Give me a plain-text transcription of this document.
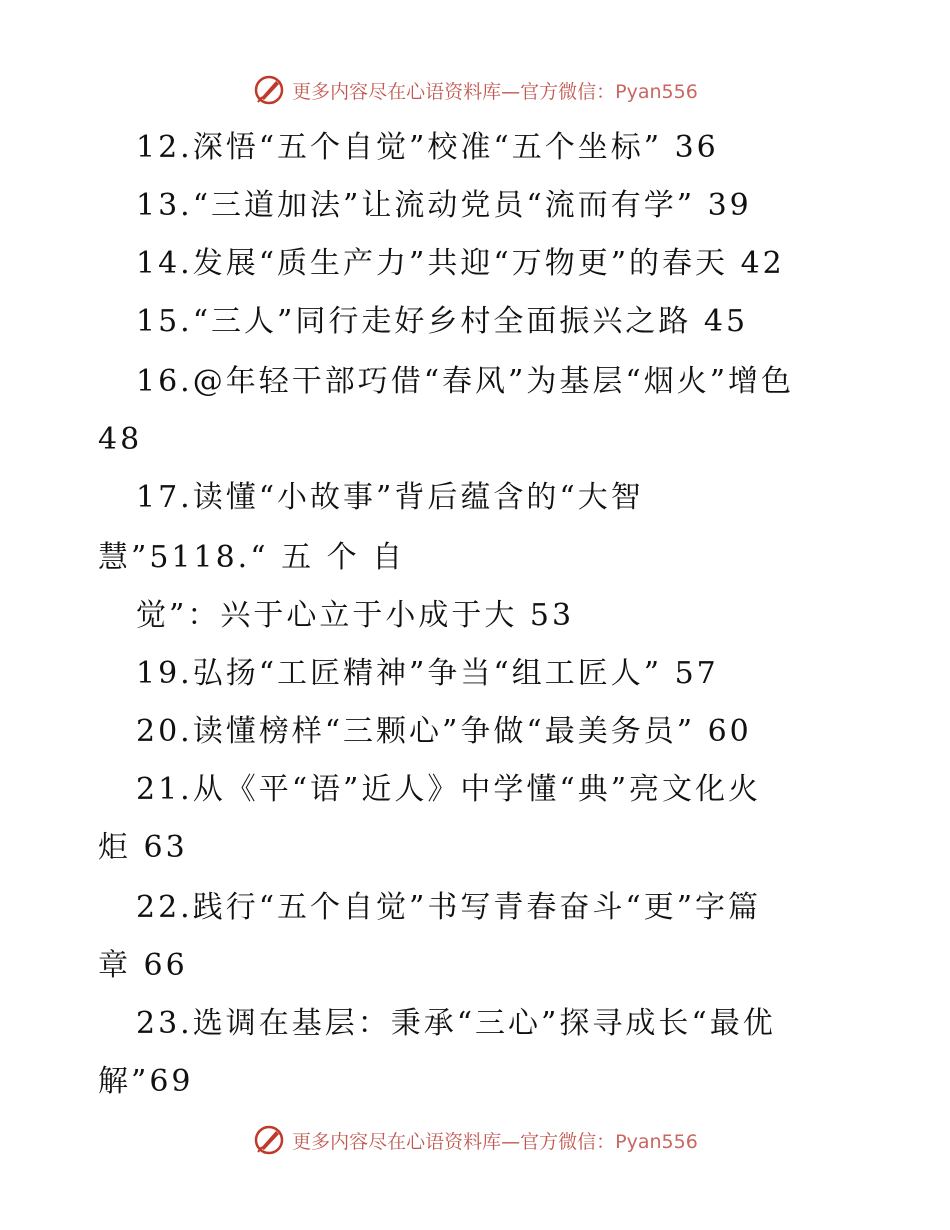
更多内容尽在心语资料库—官方微信：Pyan556
12.深悟“五个自觉”校准“五个坐标” 36
13.“三道加法”让流动党员“流而有学” 39
14.发展“质生产力”共迎“万物更”的春天 42
15.“三人”同行走好乡村全面振兴之路 45
16.@年轻干部巧借“春风”为基层“烟火”增色
48
17.读懂“小故事”背后蕴含的“大智
慧”5118.“ 五 个 自
觉”：兴于心立于小成于大 53
19.弘扬“工匠精神”争当“组工匠人” 57
20.读懂榜样“三颗心”争做“最美务员” 60
21.从《平“语”近人》中学懂“典”亮文化火
炬 63
22.践行“五个自觉”书写青春奋斗“更”字篇
章 66
23.选调在基层：秉承“三心”探寻成长“最优
解”69
更多内容尽在心语资料库—官方微信：Pyan556
